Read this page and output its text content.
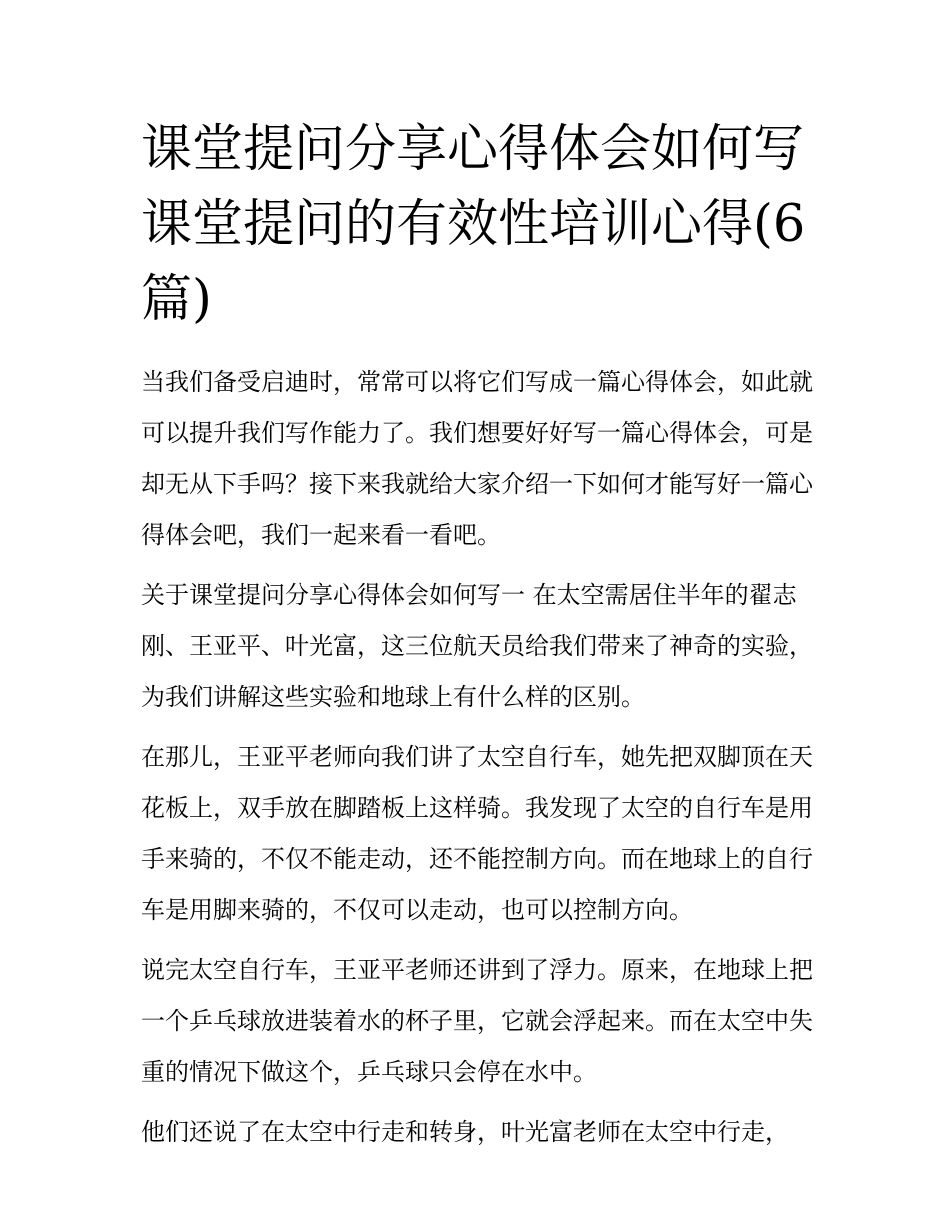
课堂提问分享心得体会如何写课堂提问的有效性培训心得(6篇)

当我们备受启迪时，常常可以将它们写成一篇心得体会，如此就可以提升我们写作能力了。我们想要好好写一篇心得体会，可是却无从下手吗？接下来我就给大家介绍一下如何才能写好一篇心得体会吧，我们一起来看一看吧。

关于课堂提问分享心得体会如何写一 在太空需居住半年的翟志刚、王亚平、叶光富，这三位航天员给我们带来了神奇的实验，为我们讲解这些实验和地球上有什么样的区别。

在那儿，王亚平老师向我们讲了太空自行车，她先把双脚顶在天花板上，双手放在脚踏板上这样骑。我发现了太空的自行车是用手来骑的，不仅不能走动，还不能控制方向。而在地球上的自行车是用脚来骑的，不仅可以走动，也可以控制方向。

说完太空自行车，王亚平老师还讲到了浮力。原来，在地球上把一个乒乓球放进装着水的杯子里，它就会浮起来。而在太空中失重的情况下做这个，乒乓球只会停在水中。

他们还说了在太空中行走和转身，叶光富老师在太空中行走，
